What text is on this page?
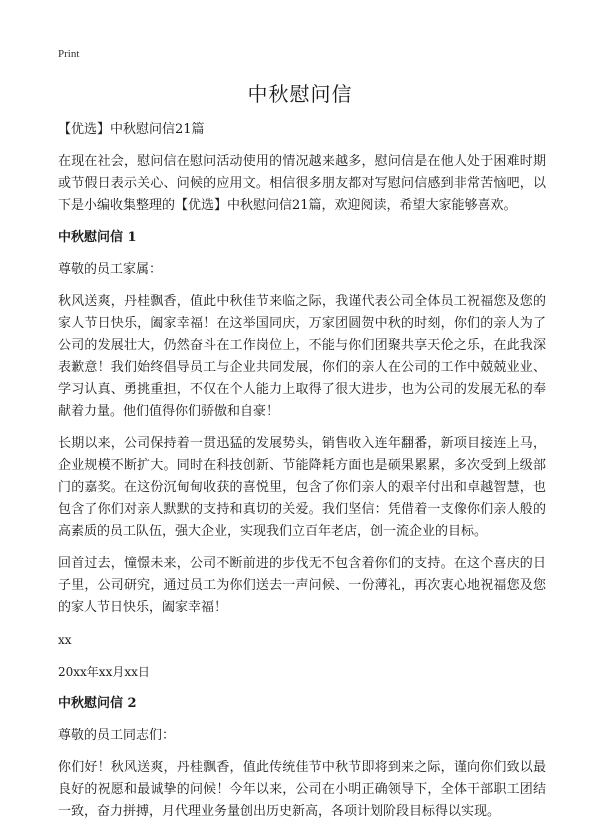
Print
中秋慰问信

【优选】中秋慰问信21篇

在现在社会，慰问信在慰问活动使用的情况越来越多，慰问信是在他人处于困难时期或节假日表示关心、问候的应用文。相信很多朋友都对写慰问信感到非常苦恼吧，以下是小编收集整理的【优选】中秋慰问信21篇，欢迎阅读，希望大家能够喜欢。

中秋慰问信 1

尊敬的员工家属：

秋风送爽，丹桂飘香，值此中秋佳节来临之际，我谨代表公司全体员工祝福您及您的家人节日快乐，阖家幸福！在这举国同庆，万家团圆贺中秋的时刻，你们的亲人为了公司的发展壮大，仍然奋斗在工作岗位上，不能与你们团聚共享天伦之乐，在此我深表歉意！我们始终倡导员工与企业共同发展，你们的亲人在公司的工作中兢兢业业、学习认真、勇挑重担，不仅在个人能力上取得了很大进步，也为公司的发展无私的奉献着力量。他们值得你们骄傲和自豪！

长期以来，公司保持着一贯迅猛的发展势头，销售收入连年翻番，新项目接连上马，企业规模不断扩大。同时在科技创新、节能降耗方面也是硕果累累，多次受到上级部门的嘉奖。在这份沉甸甸收获的喜悦里，包含了你们亲人的艰辛付出和卓越智慧，也包含了你们对亲人默默的支持和真切的关爱。我们坚信：凭借着一支像你们亲人般的高素质的员工队伍，强大企业，实现我们立百年老店，创一流企业的目标。

回首过去，憧憬未来，公司不断前进的步伐无不包含着你们的支持。在这个喜庆的日子里，公司研究，通过员工为你们送去一声问候、一份薄礼，再次衷心地祝福您及您的家人节日快乐，阖家幸福！

xx

20xx年xx月xx日

中秋慰问信 2

尊敬的员工同志们：

你们好！秋风送爽，丹桂飘香，值此传统佳节中秋节即将到来之际，谨向你们致以最良好的祝愿和最诚挚的问候！今年以来，公司在小明正确领导下，全体干部职工团结一致，奋力拼搏，月代理业务量创出历史新高，各项计划阶段目标得以实现。
